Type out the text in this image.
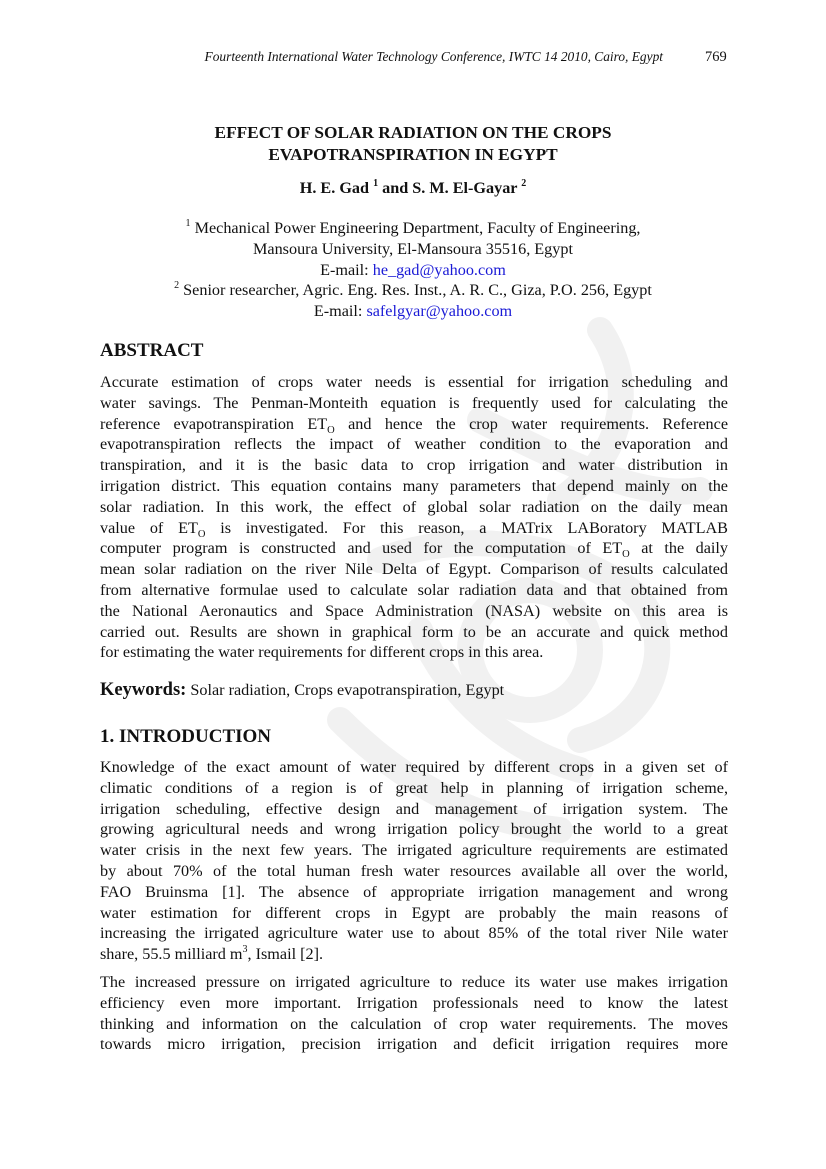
Fourteenth International Water Technology Conference, IWTC 14 2010, Cairo, Egypt	769
EFFECT OF SOLAR RADIATION ON THE CROPS
EVAPOTRANSPIRATION IN EGYPT
H. E. Gad $^1$ and S. M. El-Gayar $^2$
$^1$ Mechanical Power Engineering Department, Faculty of Engineering,
Mansoura University, El-Mansoura 35516, Egypt
E-mail: he_gad@yahoo.com
$^2$ Senior researcher, Agric. Eng. Res. Inst., A. R. C., Giza, P.O. 256, Egypt
E-mail: safelgyar@yahoo.com
ABSTRACT
Accurate estimation of crops water needs is essential for irrigation scheduling and
water savings. The Penman-Monteith equation is frequently used for calculating the
reference evapotranspiration $ET_O$ and hence the crop water requirements. Reference
evapotranspiration reflects the impact of weather condition to the evaporation and
transpiration, and it is the basic data to crop irrigation and water distribution in
irrigation district. This equation contains many parameters that depend mainly on the
solar radiation. In this work, the effect of global solar radiation on the daily mean
value of $ET_O$ is investigated. For this reason, a MATrix LABoratory MATLAB
computer program is constructed and used for the computation of $ET_O$ at the daily
mean solar radiation on the river Nile Delta of Egypt. Comparison of results calculated
from alternative formulae used to calculate solar radiation data and that obtained from
the National Aeronautics and Space Administration (NASA) website on this area is
carried out. Results are shown in graphical form to be an accurate and quick method
for estimating the water requirements for different crops in this area.
Keywords: Solar radiation, Crops evapotranspiration, Egypt
1. INTRODUCTION
Knowledge of the exact amount of water required by different crops in a given set of
climatic conditions of a region is of great help in planning of irrigation scheme,
irrigation scheduling, effective design and management of irrigation system. The
growing agricultural needs and wrong irrigation policy brought the world to a great
water crisis in the next few years. The irrigated agriculture requirements are estimated
by about 70% of the total human fresh water resources available all over the world,
FAO Bruinsma [1]. The absence of appropriate irrigation management and wrong
water estimation for different crops in Egypt are probably the main reasons of
increasing the irrigated agriculture water use to about 85% of the total river Nile water
share, 55.5 milliard $m^3$, Ismail [2].
The increased pressure on irrigated agriculture to reduce its water use makes irrigation
efficiency even more important. Irrigation professionals need to know the latest
thinking and information on the calculation of crop water requirements. The moves
towards micro irrigation, precision irrigation and deficit irrigation requires more
